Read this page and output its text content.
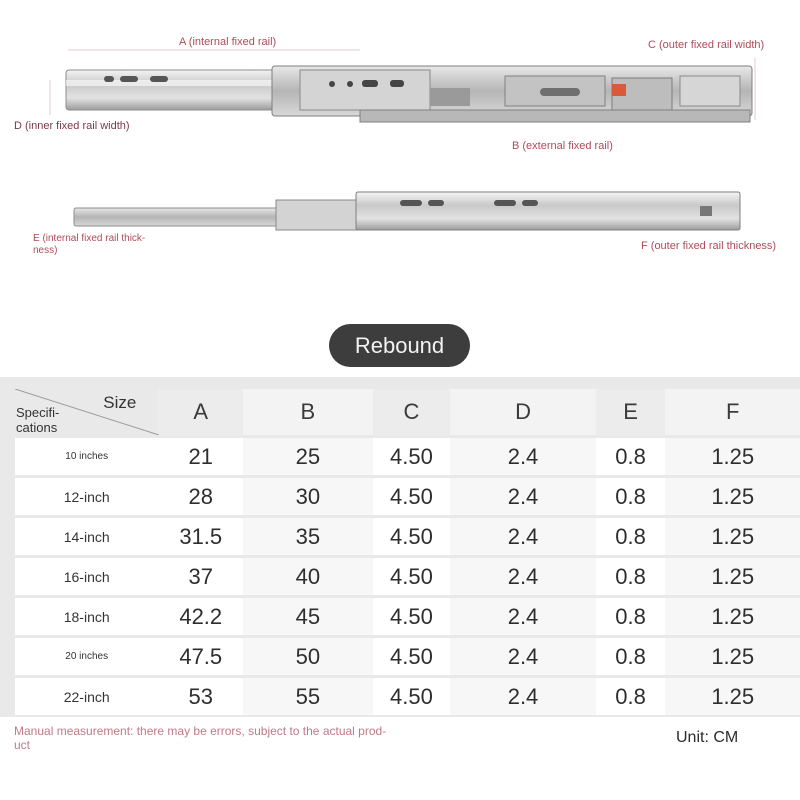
A (internal fixed rail)	C (outer fixed rail width)
D (inner fixed rail width)
B (external fixed rail)
E (internal fixed rail thick-
ness)	F (outer fixed rail thickness)
Rebound
Size
Specifi-
cations	A	B	C	D	E	F
10 inches	21	25	4.50	2.4	0.8	1.25
12-inch	28	30	4.50	2.4	0.8	1.25
14-inch	31.5	35	4.50	2.4	0.8	1.25
16-inch	37	40	4.50	2.4	0.8	1.25
18-inch	42.2	45	4.50	2.4	0.8	1.25
20 inches	47.5	50	4.50	2.4	0.8	1.25
22-inch	53	55	4.50	2.4	0.8	1.25
Manual measurement: there may be errors, subject to the actual prod-
uct	Unit: CM
